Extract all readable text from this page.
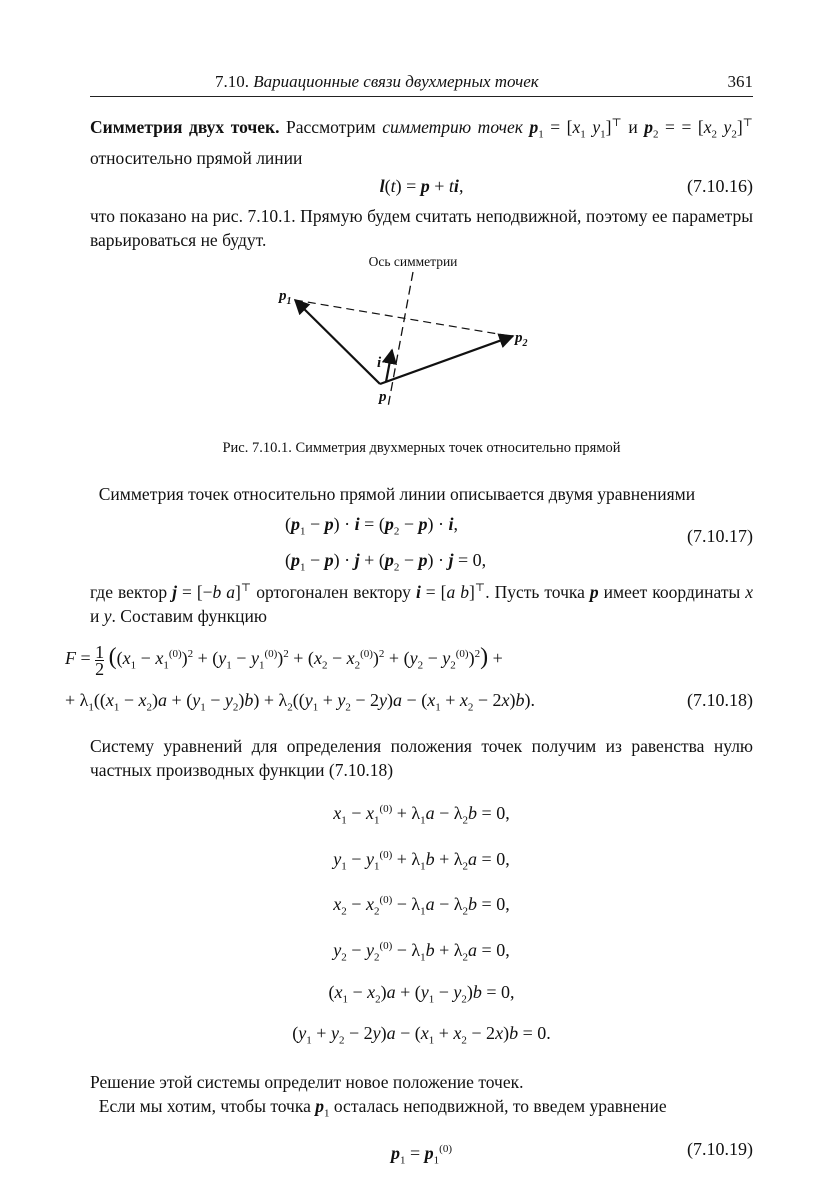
7.10. Вариационные связи двухмерных точек	361

Симметрия двух точек. Рассмотрим симметрию точек $p_1 = [x_1$ $y_1]^⊤$ и $p_2$ = = [$x_2$ $y_2]^⊤$ относительно прямой линии

l(t) = p + ti,	(7.10.16)

что показано на рис. 7.10.1. Прямую будем считать неподвижной, поэтому ее параметры варьироваться не будут.

Ось симметрии
$p_1$
$p_2$
p
i
Рис. 7.10.1. Симметрия двухмерных точек относительно прямой

Симметрия точек относительно прямой линии описывается двумя уравнениями

$(p_1 - p) \cdot i = (p_2 - p) \cdot i$,
$(p_1 - p) \cdot j + (p_2 - p) \cdot j = 0$,
(7.10.17)

где вектор j = [−b a]⊤ ортогонален вектору i = [a b]⊤. Пусть точка p имеет координаты x и y. Составим функцию

$F = \frac{1}{2} ((x_1 - x_1^{(0)})^2 + (y_1 - y_1^{(0)})^2 + (x_2 - x_2^{(0)})^2 + (y_2 - y_2^{(0)})^2)$ +
+ $\lambda_1((x_1 - x_2)a + (y_1 - y_2)b) + \lambda_2((y_1 + y_2 - 2y)a - (x_1 + x_2 - 2x)b)$.	(7.10.18)

Систему уравнений для определения положения точек получим из равенства нулю частных производных функции (7.10.18)

$x_1 - x_1^{(0)} + \lambda_1a - \lambda_2b = 0$,
$y_1 - y_1^{(0)} + \lambda_1b + \lambda_2a = 0$,
$x_2 - x_2^{(0)} - \lambda_1a - \lambda_2b = 0$,
$y_2 - y_2^{(0)} - \lambda_1b + \lambda_2a = 0$,
$(x_1 - x_2)a + (y_1 - y_2)b = 0$,
$(y_1 + y_2 - 2y)a - (x_1 + x_2 - 2x)b = 0$.

Решение этой системы определит новое положение точек.

Если мы хотим, чтобы точка $p_1$ осталась неподвижной, то введем уравнение

$p_1 = p_1^{(0)}$	(7.10.19)
